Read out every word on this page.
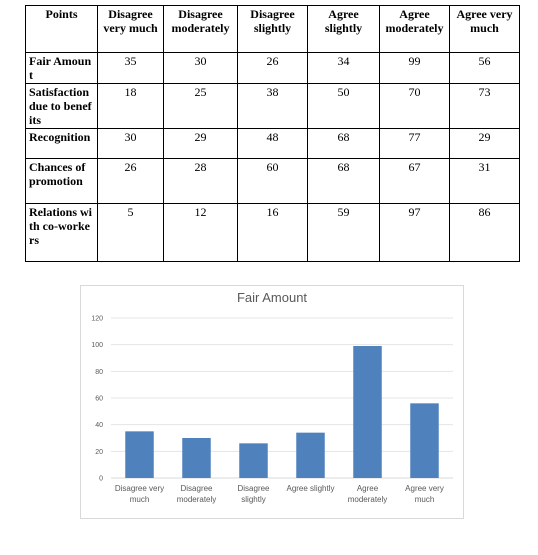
Points	Disagree very much	Disagree moderately	Disagree slightly	Agree slightly	Agree moderately	Agree very much
Fair Amount	35	30	26	34	99	56
Satisfaction due to benefits	18	25	38	50	70	73
Recognition	30	29	48	68	77	29
Chances of promotion	26	28	60	68	67	31
Relations with co-workers	5	12	16	59	97	86
Fair Amount
0
20
40
60
80
100
120
Disagree very
much
Disagree
moderately
Disagree
slightly
Agree slightly	Agree
moderately
Agree very
much
